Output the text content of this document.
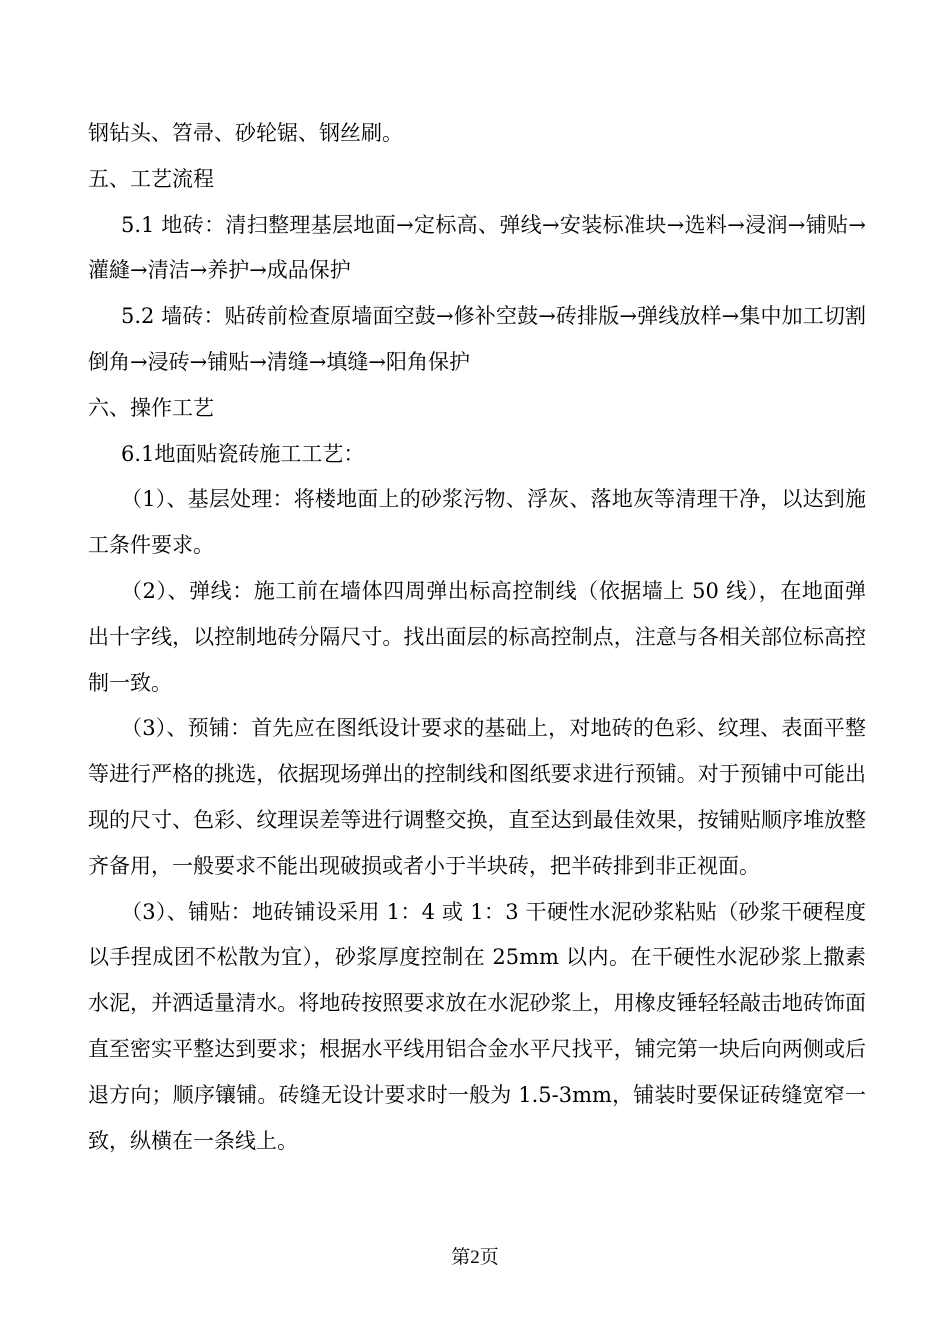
钢钻头、笤帚、砂轮锯、钢丝刷。

五、工艺流程

5.1 地砖：清扫整理基层地面→定标高、弹线→安装标准块→选料→浸润→铺贴→灌縫→清洁→养护→成品保护

5.2 墙砖：贴砖前检查原墙面空鼓→修补空鼓→砖排版→弹线放样→集中加工切割倒角→浸砖→铺贴→清缝→填缝→阳角保护

六、操作工艺

6.1地面贴瓷砖施工工艺：

（1）、基层处理：将楼地面上的砂浆污物、浮灰、落地灰等清理干净，以达到施工条件要求。

（2）、弹线：施工前在墙体四周弹出标高控制线（依据墙上 50 线），在地面弹出十字线，以控制地砖分隔尺寸。找出面层的标高控制点，注意与各相关部位标高控制一致。

（3）、预铺：首先应在图纸设计要求的基础上，对地砖的色彩、纹理、表面平整等进行严格的挑选，依据现场弹出的控制线和图纸要求进行预铺。对于预铺中可能出现的尺寸、色彩、纹理误差等进行调整交换，直至达到最佳效果，按铺贴顺序堆放整齐备用，一般要求不能出现破损或者小于半块砖，把半砖排到非正视面。

（3）、铺贴：地砖铺设采用 1：4 或 1：3 干硬性水泥砂浆粘贴（砂浆干硬程度以手捏成团不松散为宜），砂浆厚度控制在 25mm 以内。在干硬性水泥砂浆上撒素水泥，并洒适量清水。将地砖按照要求放在水泥砂浆上，用橡皮锤轻轻敲击地砖饰面直至密实平整达到要求；根据水平线用铝合金水平尺找平，铺完第一块后向两侧或后退方向；顺序镶铺。砖缝无设计要求时一般为 1.5-3mm，铺装时要保证砖缝宽窄一致，纵横在一条线上。

第2页
